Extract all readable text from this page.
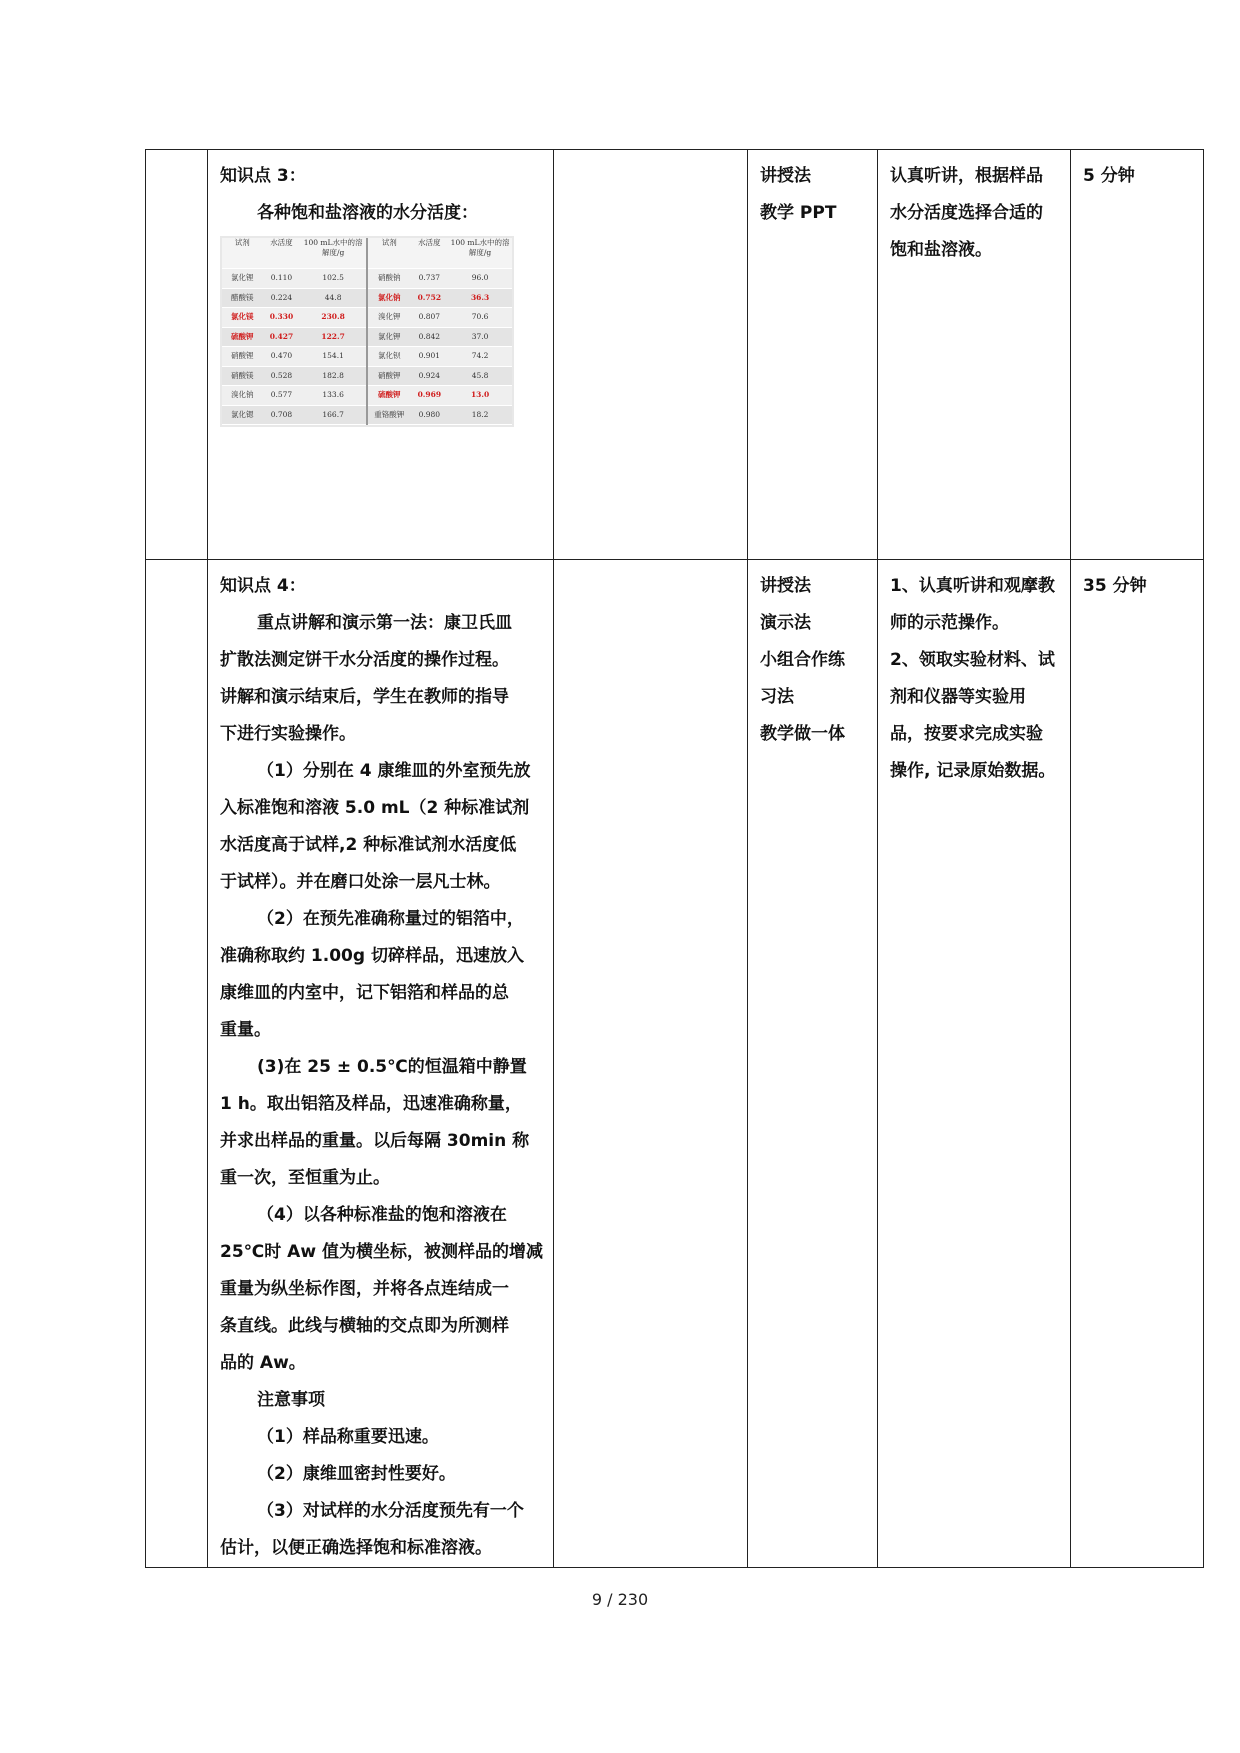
知识点 3：
各种饱和盐溶液的水分活度：
试剂	水活度	100 mL水中的溶解度/g	试剂	水活度	100 mL水中的溶解度/g
氯化锂	0.110	102.5	硝酸钠	0.737	96.0
醋酸镁	0.224	44.8	氯化钠	0.752	36.3
氯化镁	0.330	230.8	溴化钾	0.807	70.6
硫酸钾	0.427	122.7	氯化钾	0.842	37.0
硝酸锂	0.470	154.1	氯化钡	0.901	74.2
硝酸镁	0.528	182.8	硝酸钾	0.924	45.8
溴化钠	0.577	133.6	硫酸钾	0.969	13.0
氯化锶	0.708	166.7	重铬酸钾	0.980	18.2

讲授法
教学 PPT

认真听讲，根据样品
水分活度选择合适的
饱和盐溶液。

5 分钟

知识点 4：
重点讲解和演示第一法：康卫氏皿
扩散法测定饼干水分活度的操作过程。
讲解和演示结束后，学生在教师的指导
下进行实验操作。
（1）分别在 4 康维皿的外室预先放
入标准饱和溶液 5.0 mL（2 种标准试剂
水活度高于试样,2 种标准试剂水活度低
于试样）。并在磨口处涂一层凡士林。
（2）在预先准确称量过的铝箔中，
准确称取约 1.00g 切碎样品，迅速放入
康维皿的内室中，记下铝箔和样品的总
重量。
(3)在 25 ± 0.5℃的恒温箱中静置
1 h。取出铝箔及样品，迅速准确称量，
并求出样品的重量。以后每隔 30min 称
重一次，至恒重为止。
（4）以各种标准盐的饱和溶液在
25℃时 Aw 值为横坐标，被测样品的增减
重量为纵坐标作图，并将各点连结成一
条直线。此线与横轴的交点即为所测样
品的 Aw。
注意事项
（1）样品称重要迅速。
（2）康维皿密封性要好。
（3）对试样的水分活度预先有一个
估计，以便正确选择饱和标准溶液。

讲授法
演示法
小组合作练
习法
教学做一体

1、认真听讲和观摩教
师的示范操作。
2、领取实验材料、试
剂和仪器等实验用
品，按要求完成实验
操作, 记录原始数据。

35 分钟
9 / 230
